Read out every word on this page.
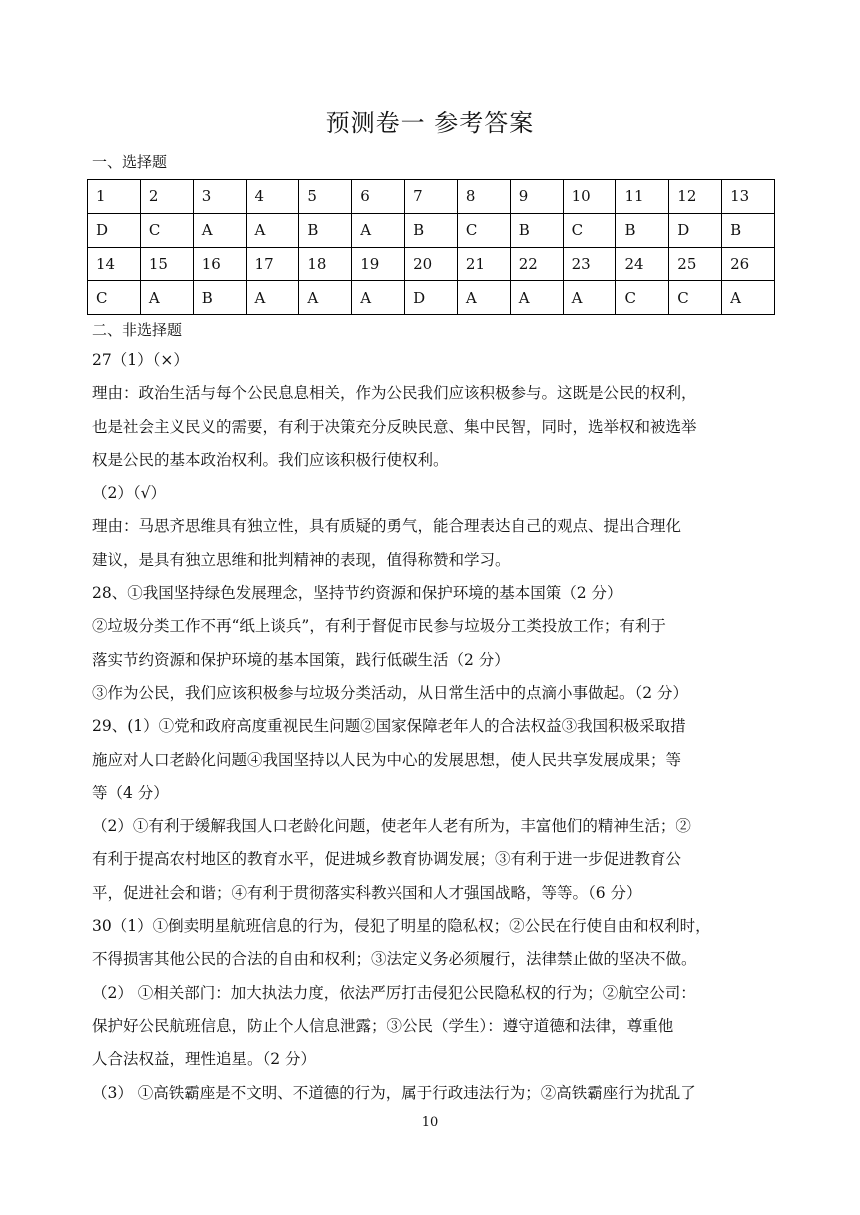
预测卷一 参考答案
一、选择题
1	2	3	4	5	6	7	8	9	10	11	12	13
D	C	A	A	B	A	B	C	B	C	B	D	B
14	15	16	17	18	19	20	21	22	23	24	25	26
C	A	B	A	A	A	D	A	A	A	C	C	A
二、非选择题
27（1）（×）
理由：政治生活与每个公民息息相关，作为公民我们应该积极参与。这既是公民的权利，
也是社会主义民义的需要，有利于决策充分反映民意、集中民智，同时，选举权和被选举
权是公民的基本政治权利。我们应该积极行使权利。
（2）（√）
理由：马思齐思维具有独立性，具有质疑的勇气，能合理表达自己的观点、提出合理化
建议，是具有独立思维和批判精神的表现，值得称赞和学习。
28、①我国坚持绿色发展理念，坚持节约资源和保护环境的基本国策（2 分）
②垃圾分类工作不再“纸上谈兵”，有利于督促市民参与垃圾分工类投放工作；有利于
落实节约资源和保护环境的基本国策，践行低碳生活（2 分）
③作为公民，我们应该积极参与垃圾分类活动，从日常生活中的点滴小事做起。（2 分）
29、(1）①党和政府高度重视民生问题②国家保障老年人的合法权益③我国积极采取措
施应对人口老龄化问题④我国坚持以人民为中心的发展思想，使人民共享发展成果；等
等（4 分）
（2）①有利于缓解我国人口老龄化问题，使老年人老有所为，丰富他们的精神生活；②
有利于提高农村地区的教育水平，促进城乡教育协调发展；③有利于进一步促进教育公
平，促进社会和谐；④有利于贯彻落实科教兴国和人才强国战略，等等。（6 分）
30（1）①倒卖明星航班信息的行为，侵犯了明星的隐私权；②公民在行使自由和权利时，
不得损害其他公民的合法的自由和权利；③法定义务必须履行，法律禁止做的坚决不做。
（2） ①相关部门：加大执法力度，依法严厉打击侵犯公民隐私权的行为；②航空公司：
保护好公民航班信息，防止个人信息泄露；③公民（学生）：遵守道德和法律，尊重他
人合法权益，理性追星。（2 分）
（3） ①高铁霸座是不文明、不道德的行为，属于行政违法行为；②高铁霸座行为扰乱了
10
